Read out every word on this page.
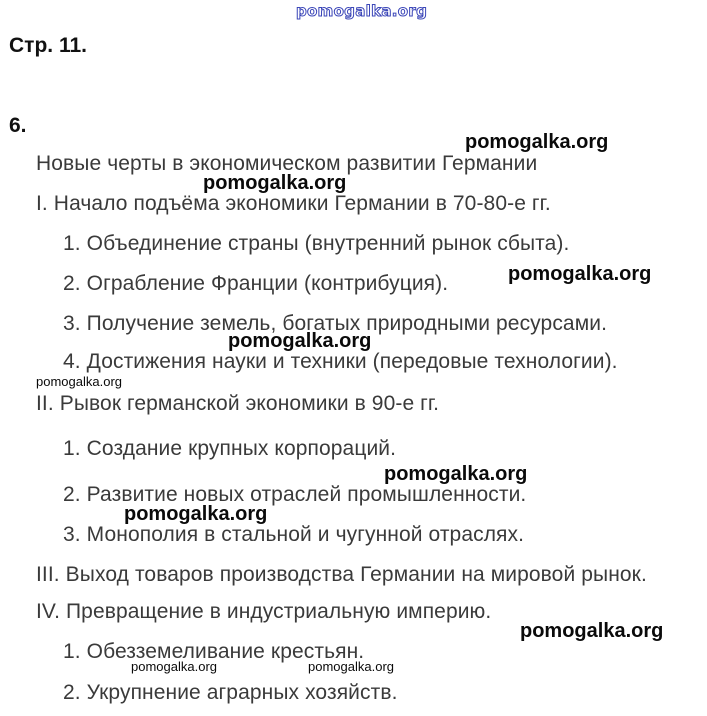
pomogalka.org
Стр. 11.
6.
Новые черты в экономическом развитии Германии
I. Начало подъёма экономики Германии в 70-80-е гг.
1. Объединение страны (внутренний рынок сбыта).
2. Ограбление Франции (контрибуция).
3. Получение земель, богатых природными ресурсами.
4. Достижения науки и техники (передовые технологии).
II. Рывок германской экономики в 90-е гг.
1. Создание крупных корпораций.
2. Развитие новых отраслей промышленности.
3. Монополия в стальной и чугунной отраслях.
III. Выход товаров производства Германии на мировой рынок.
IV. Превращение в индустриальную империю.
1. Обезземеливание крестьян.
2. Укрупнение аграрных хозяйств.
pomogalka.org
pomogalka.org
pomogalka.org
pomogalka.org
pomogalka.org
pomogalka.org
pomogalka.org
pomogalka.org
pomogalka.org	pomogalka.org
